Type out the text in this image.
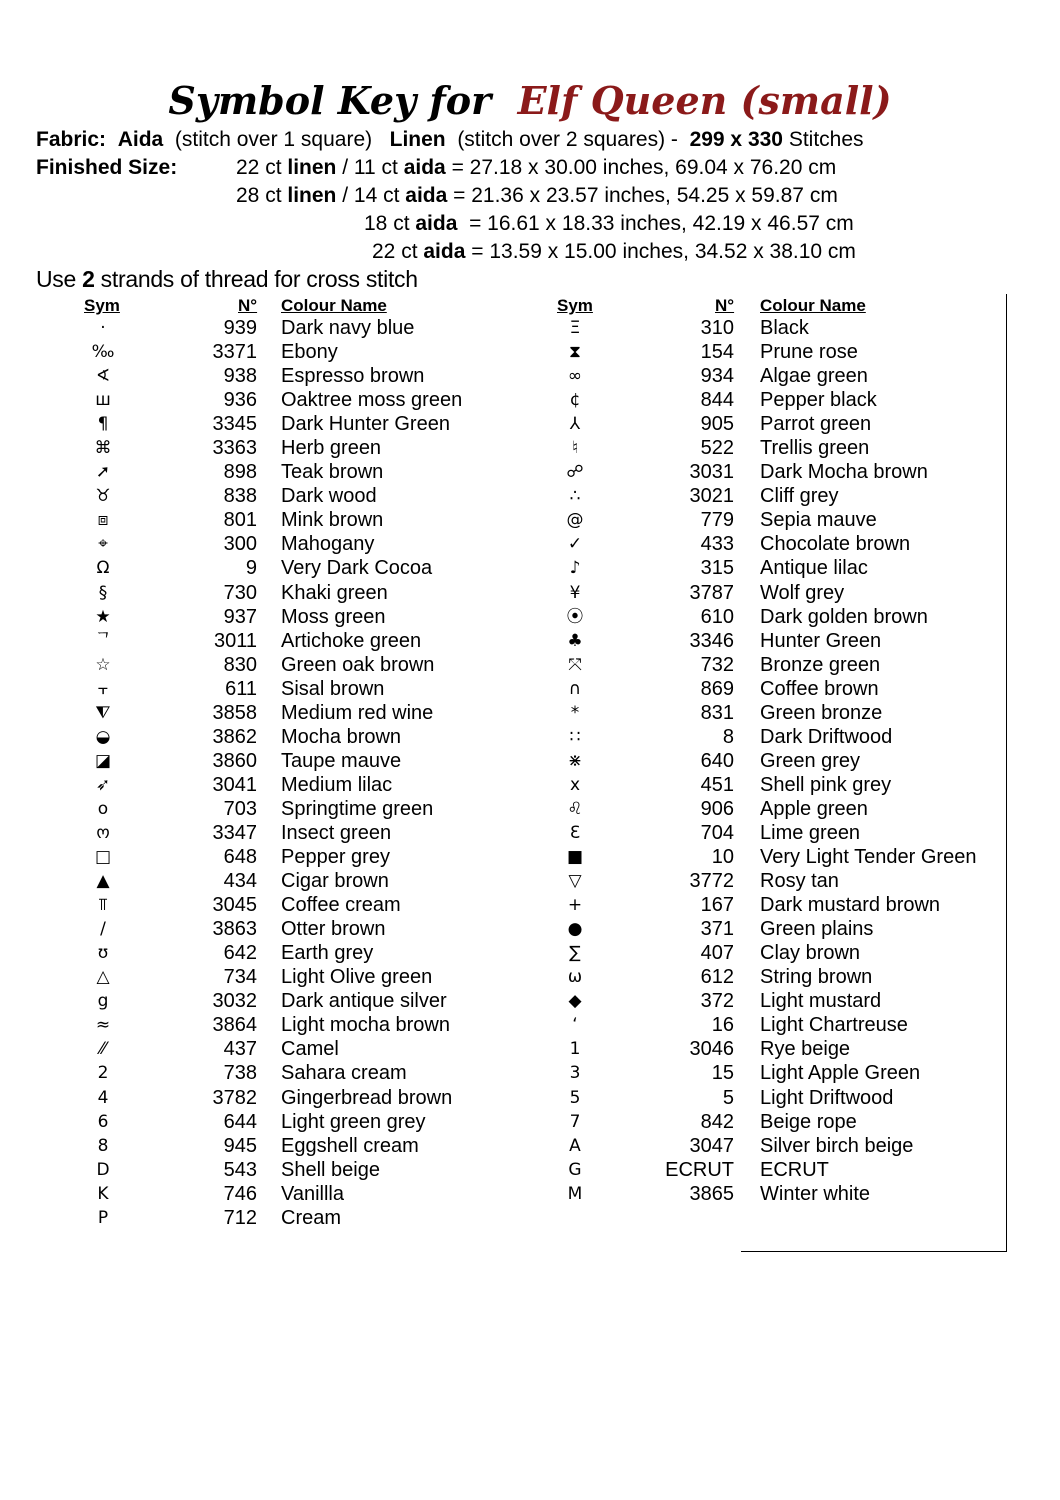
Symbol Key for Elf Queen (small)
Fabric: Aida (stitch over 1 square) Linen (stitch over 2 squares) - 299 x 330 Stitches
Finished Size:	22 ct linen / 11 ct aida = 27.18 x 30.00 inches, 69.04 x 76.20 cm
28 ct linen / 14 ct aida = 21.36 x 23.57 inches, 54.25 x 59.87 cm
18 ct aida  = 16.61 x 18.33 inches, 42.19 x 46.57 cm
22 ct aida = 13.59 x 15.00 inches, 34.52 x 38.10 cm
Use 2 strands of thread for cross stitch
Sym	N° Colour Name	Sym	N° Colour Name
·	939 Dark navy blue
‰	3371 Ebony
∢	938 Espresso brown
ш	936 Oaktree moss green
¶	3345 Dark Hunter Green
⌘	3363 Herb green
➚	898 Teak brown
♉	838 Dark wood
⧈	801 Mink brown
⌖	300 Mahogany
Ω	9 Very Dark Cocoa
§	730 Khaki green
★	937 Moss green
ᄀ	3011 Artichoke green
☆	830 Green oak brown
⫟	611 Sisal brown
⧨	3858 Medium red wine
◒	3862 Mocha brown
◪	3860 Taupe mauve
➶	3041 Medium lilac
o	703 Springtime green
ო	3347 Insect green
□	648 Pepper grey
▲	434 Cigar brown
⫪	3045 Coffee cream
/	3863 Otter brown
ʊ	642 Earth grey
△	734 Light Olive green
g	3032 Dark antique silver
≈	3864 Light mocha brown
⁄⁄	437 Camel
2	738 Sahara cream
4	3782 Gingerbread brown
6	644 Light green grey
8	945 Eggshell cream
D	543 Shell beige
K	746 Vanillla
P	712 Cream
Ξ	310 Black
⧗	154 Prune rose
∞	934 Algae green
¢	844 Pepper black
⅄	905 Parrot green
♮	522 Trellis green
☍	3031 Dark Mocha brown
∴	3021 Cliff grey
@	779 Sepia mauve
✓	433 Chocolate brown
♪	315 Antique lilac
¥	3787 Wolf grey
⦿	610 Dark golden brown
♣	3346 Hunter Green
⤧	732 Bronze green
∩	869 Coffee brown
*	831 Green bronze
∷	8 Dark Driftwood
⋇	640 Green grey
x	451 Shell pink grey
♌	906 Apple green
Ɛ	704 Lime green
■	10 Very Light Tender Green
▽	3772 Rosy tan
+	167 Dark mustard brown
●	371 Green plains
∑	407 Clay brown
ω	612 String brown
◆	372 Light mustard
ʻ	16 Light Chartreuse
1	3046 Rye beige
3	15 Light Apple Green
5	5 Light Driftwood
7	842 Beige rope
A	3047 Silver birch beige
G	ECRUT ECRUT
M	3865 Winter white
